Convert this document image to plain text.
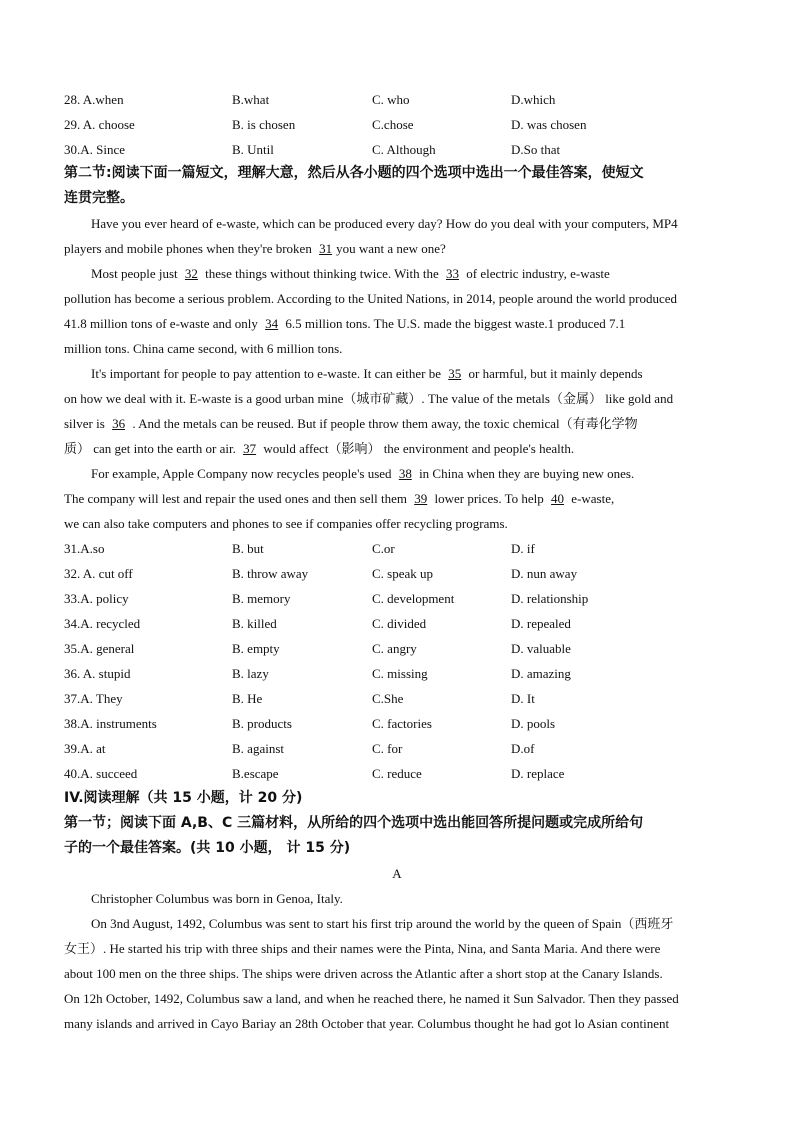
28. A.when	B.what	C. who	D.which
29. A. choose	B. is chosen	C.chose	D. was chosen
30.A. Since	B. Until	C. Although	D.So that
第二节:阅读下面一篇短文，理解大意，然后从各小题的四个选项中选出一个最佳答案，使短文
连贯完整。
Have you ever heard of e-waste, which can be produced every day? How do you deal with your computers, MP4
players and mobile phones when they're broken 31 you want a new one?
Most people just 32 these things without thinking twice. With the 33 of electric industry, e-waste
pollution has become a serious problem. According to the United Nations, in 2014, people around the world produced
41.8 million tons of e-waste and only 34 6.5 million tons. The U.S. made the biggest waste.1 produced 7.1
million tons. China came second, with 6 million tons.
It's important for people to pay attention to e-waste. It can either be 35 or harmful, but it mainly depends
on how we deal with it. E-waste is a good urban mine（城市矿藏）. The value of the metals（金属） like gold and
silver is 36 . And the metals can be reused. But if people throw them away, the toxic chemical（有毒化学物
质） can get into the earth or air. 37 would affect（影响） the environment and people's health.
For example, Apple Company now recycles people's used 38 in China when they are buying new ones.
The company will lest and repair the used ones and then sell them 39 lower prices. To help 40 e-waste,
we can also take computers and phones to see if companies offer recycling programs.
31.A.so	B. but	C.or	D. if
32. A. cut off	B. throw away	C. speak up	D. nun away
33.A. policy	B. memory	C. development	D. relationship
34.A. recycled	B. killed	C. divided	D. repealed
35.A. general	B. empty	C. angry	D. valuable
36. A. stupid	B. lazy	C. missing	D. amazing
37.A. They	B. He	C.She	D. It
38.A. instruments	B. products	C. factories	D. pools
39.A. at	B. against	C. for	D.of
40.A. succeed	B.escape	C. reduce	D. replace
IV.阅读理解（共 15 小题，计 20 分)
第一节；阅读下面 A,B、C 三篇材料，从所给的四个选项中选出能回答所提问题或完成所给句
子的一个最佳答案。(共 10 小题， 计 15 分)
A
Christopher Columbus was born in Genoa, Italy.
On 3nd August, 1492, Columbus was sent to start his first trip around the world by the queen of Spain（西班牙
女王）. He started his trip with three ships and their names were the Pinta, Nina, and Santa Maria. And there were
about 100 men on the three ships. The ships were driven across the Atlantic after a short stop at the Canary Islands.
On 12h October, 1492, Columbus saw a land, and when he reached there, he named it Sun Salvador. Then they passed
many islands and arrived in Cayo Bariay an 28th October that year. Columbus thought he had got lo Asian continent
